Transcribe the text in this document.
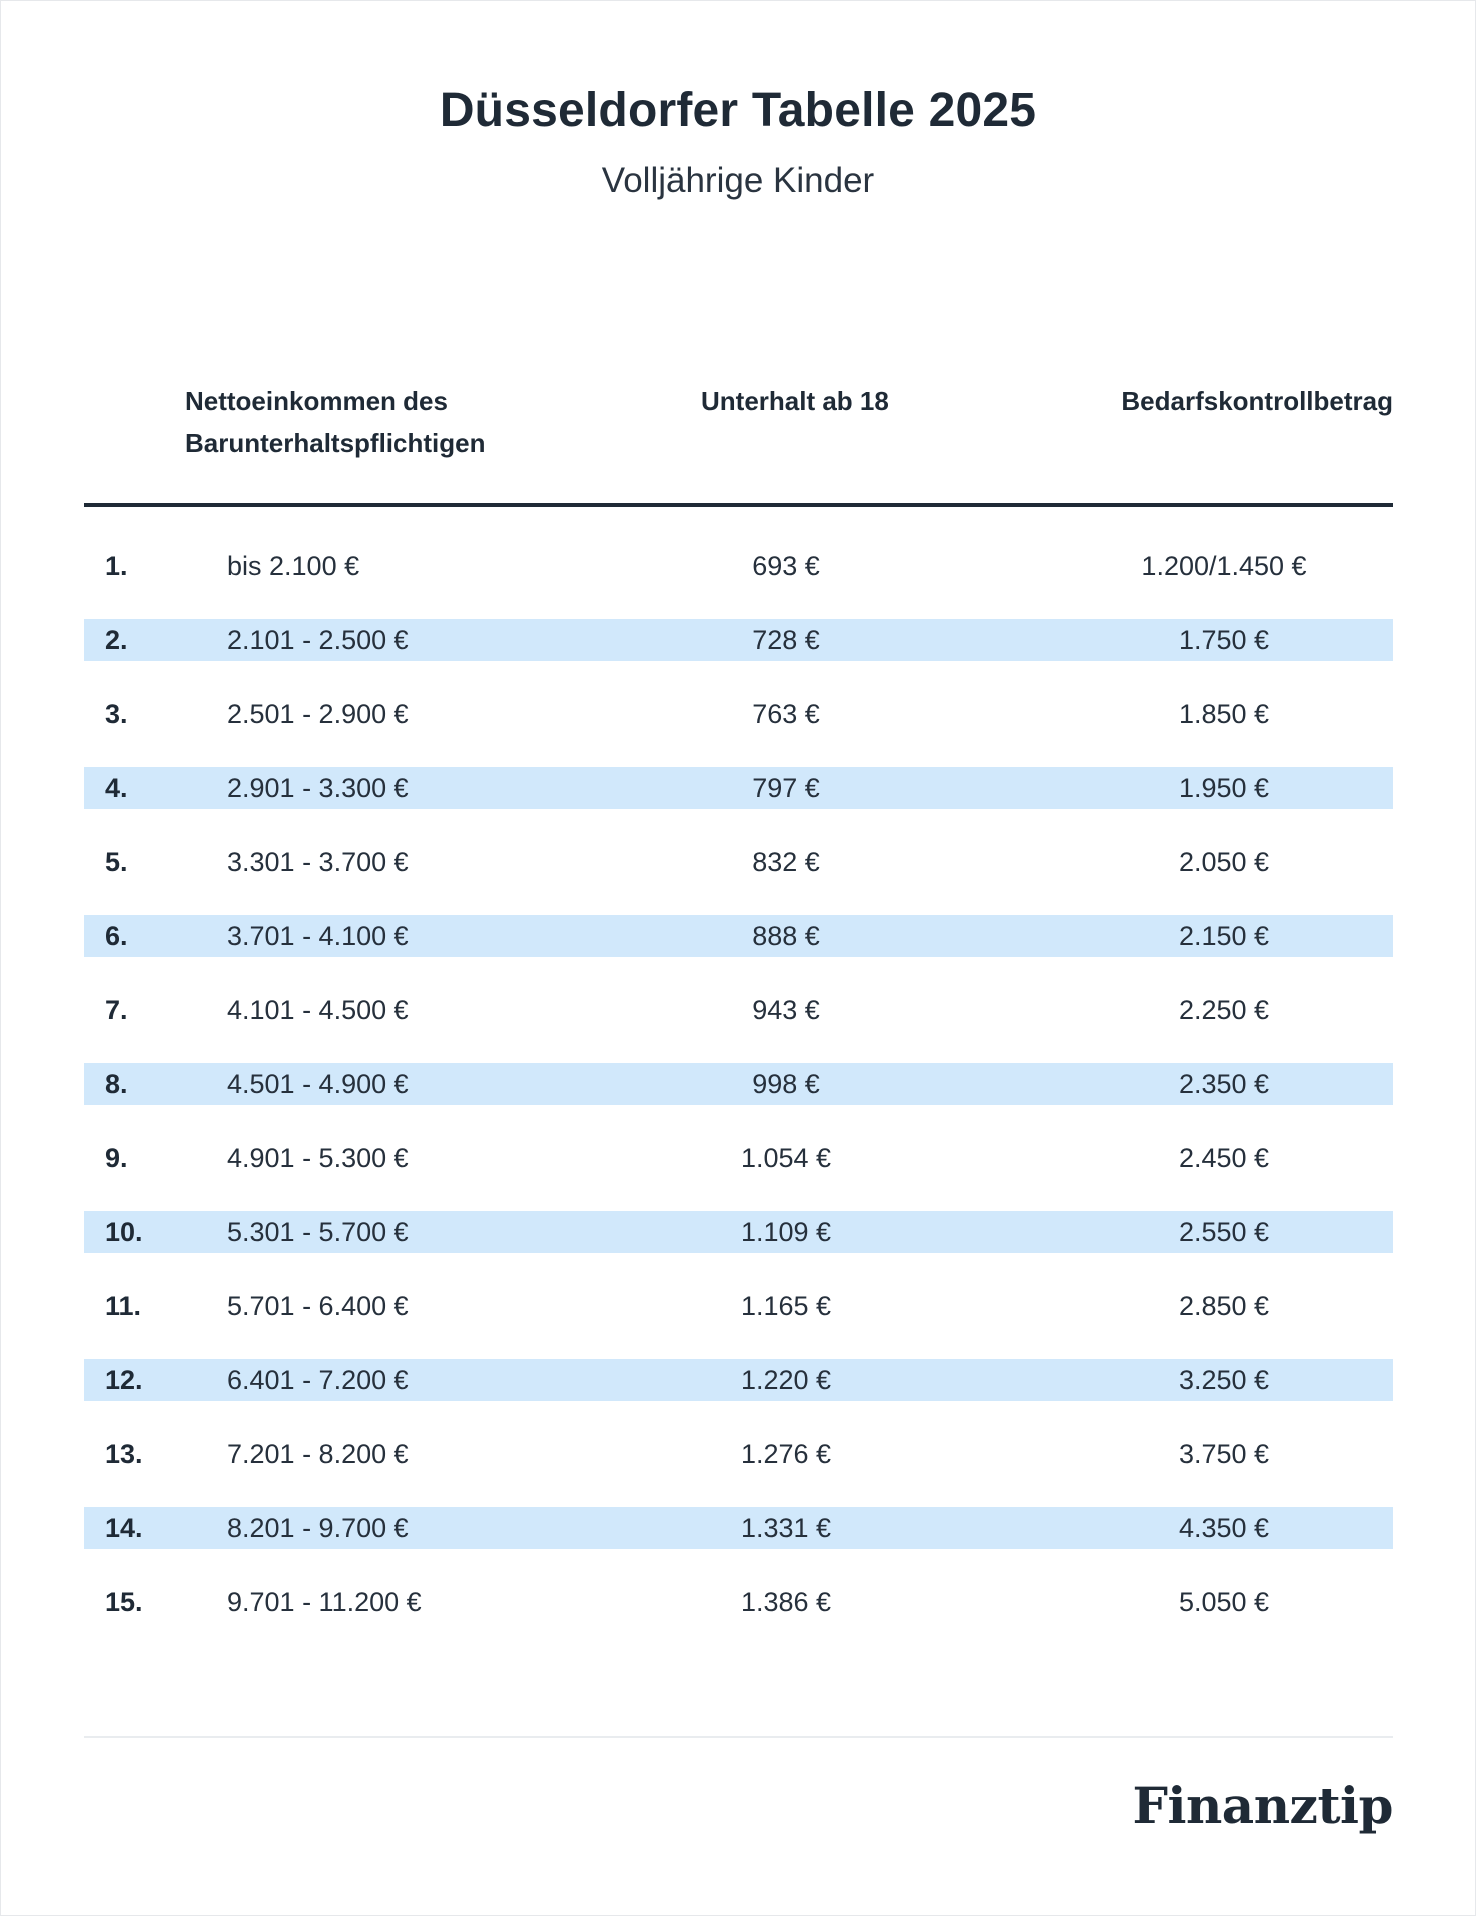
Düsseldorfer Tabelle 2025
Volljährige Kinder
Nettoeinkommen des
Barunterhaltspflichtigen
Unterhalt ab 18	Bedarfskontrollbetrag
1.	bis 2.100 €	693 €	1.200/1.450 €
2.	2.101 - 2.500 €	728 €	1.750 €
3.	2.501 - 2.900 €	763 €	1.850 €
4.	2.901 - 3.300 €	797 €	1.950 €
5.	3.301 - 3.700 €	832 €	2.050 €
6.	3.701 - 4.100 €	888 €	2.150 €
7.	4.101 - 4.500 €	943 €	2.250 €
8.	4.501 - 4.900 €	998 €	2.350 €
9.	4.901 - 5.300 €	1.054 €	2.450 €
10.	5.301 - 5.700 €	1.109 €	2.550 €
11.	5.701 - 6.400 €	1.165 €	2.850 €
12.	6.401 - 7.200 €	1.220 €	3.250 €
13.	7.201 - 8.200 €	1.276 €	3.750 €
14.	8.201 - 9.700 €	1.331 €	4.350 €
15.	9.701 - 11.200 €	1.386 €	5.050 €
Finanztip
